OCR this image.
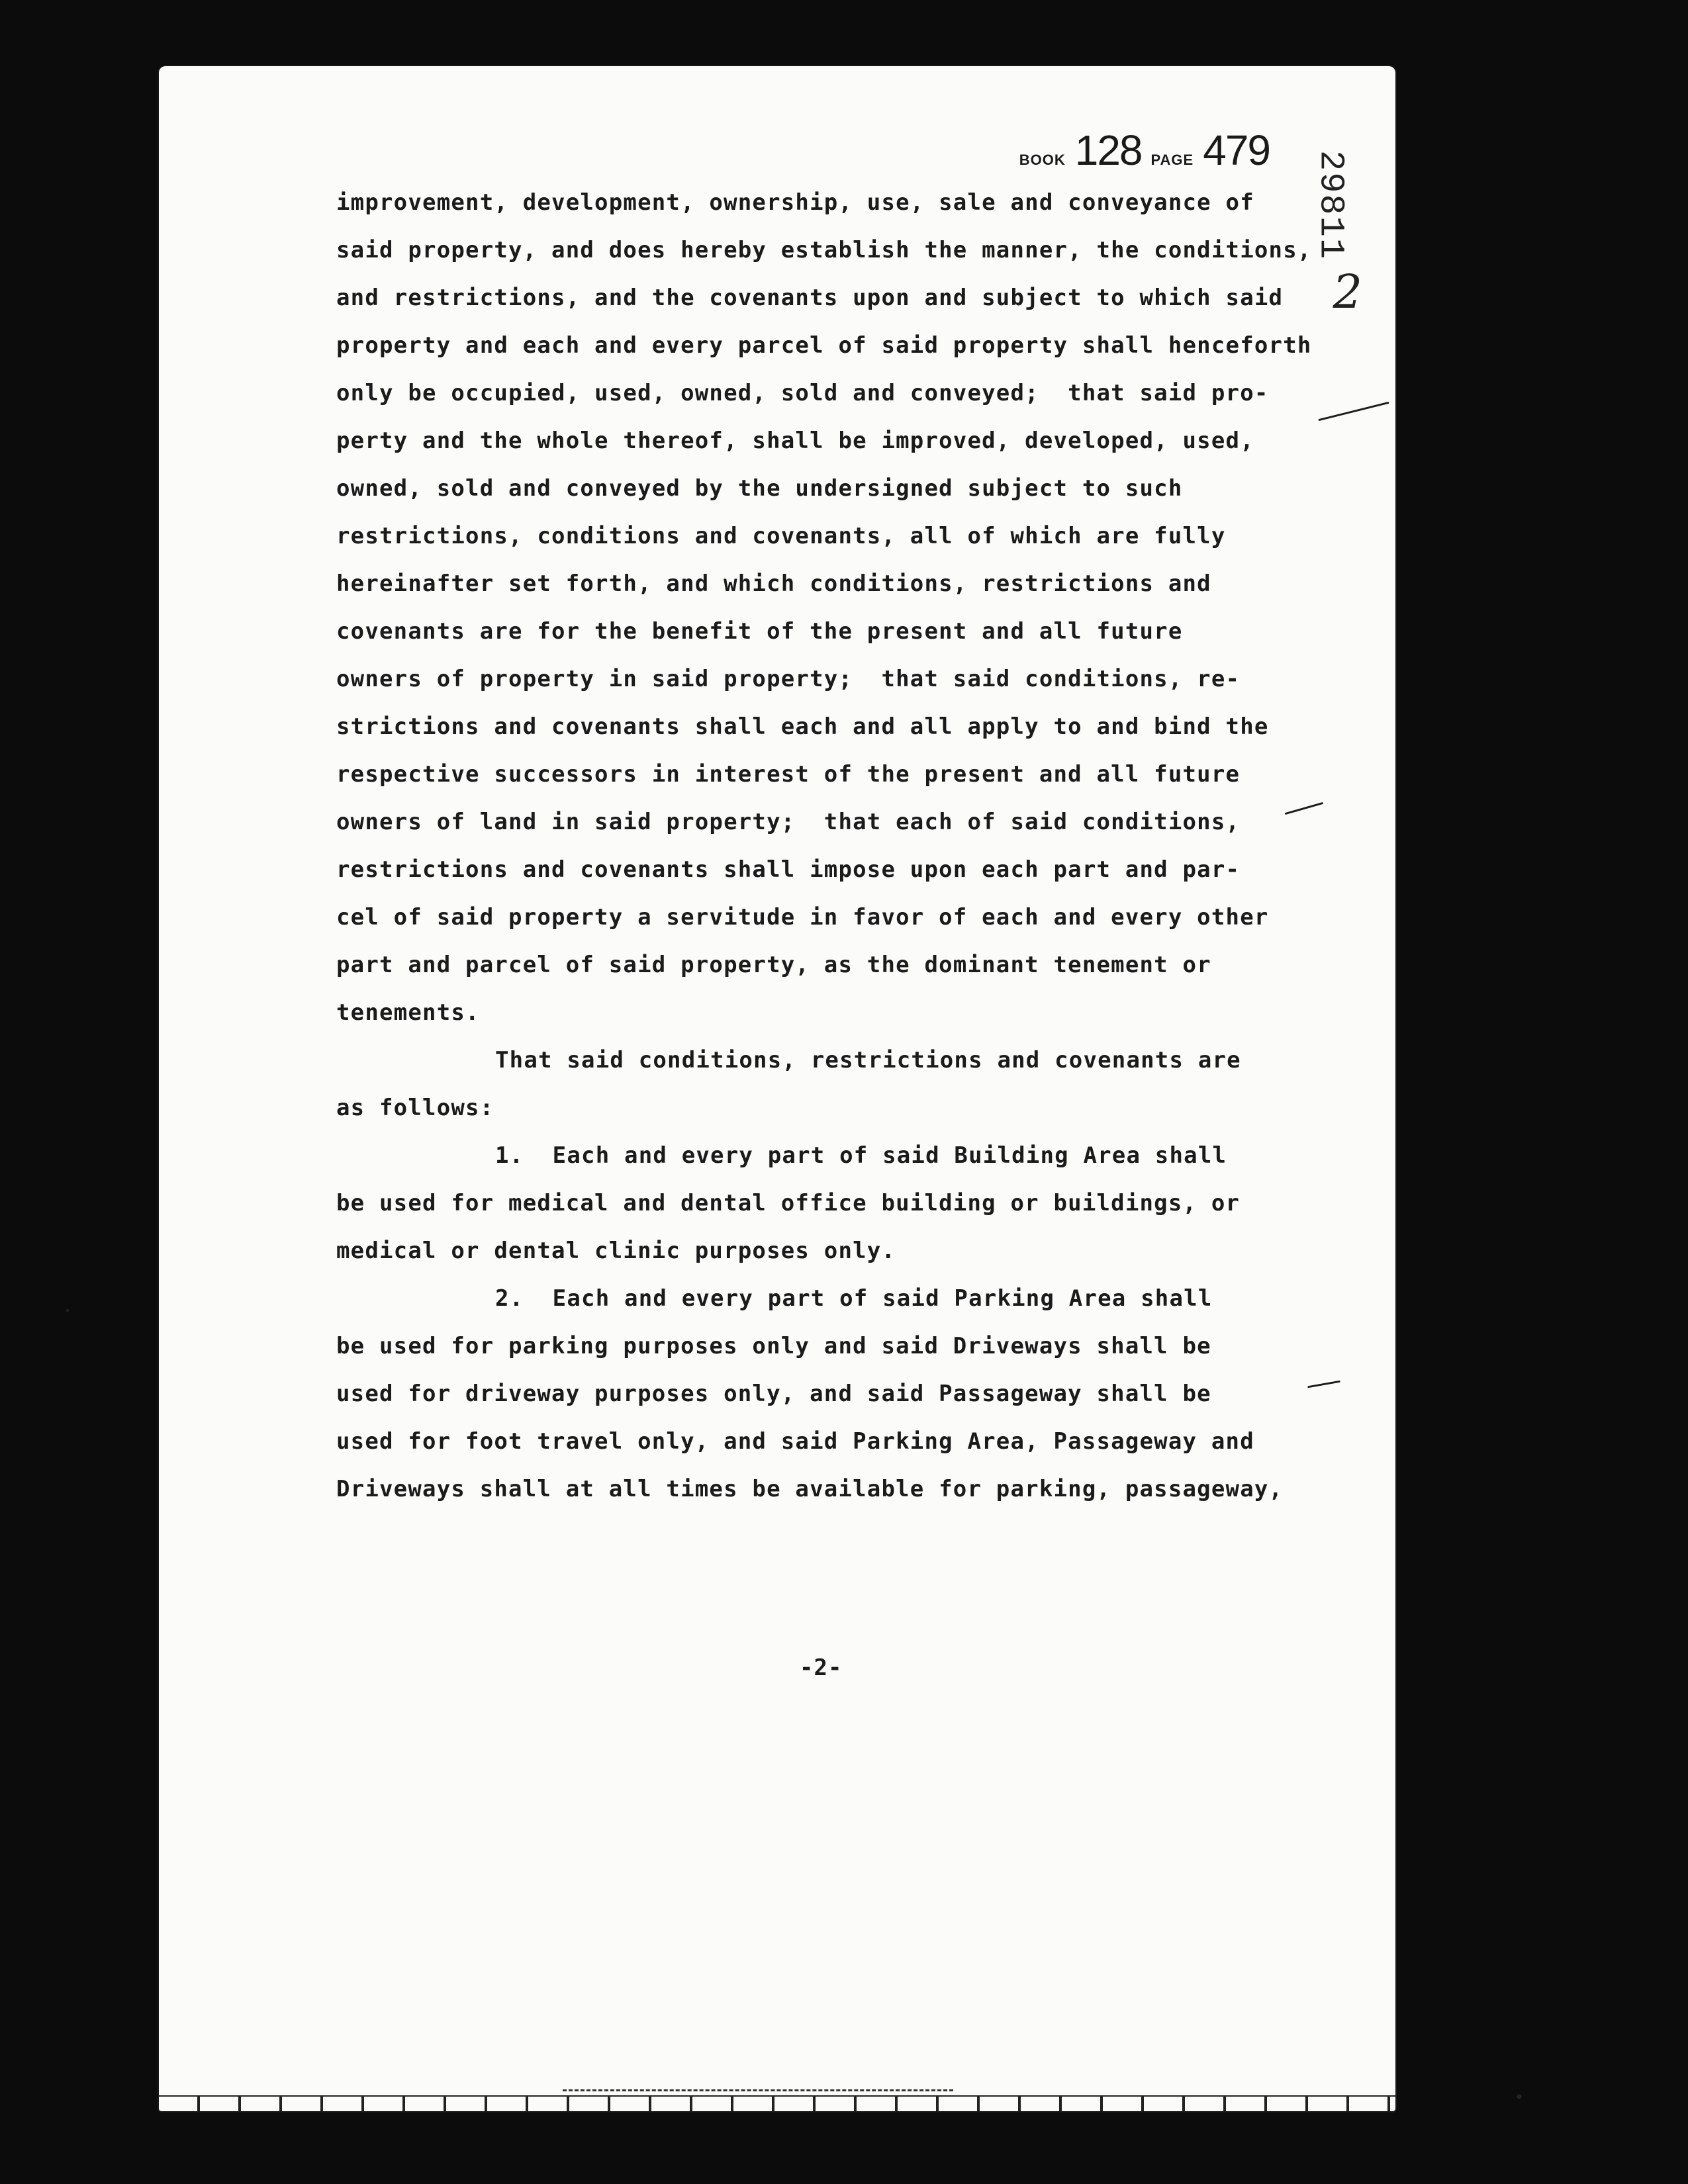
BOOK 128 PAGE 479 29811
2
improvement, development, ownership, use, sale and conveyance of
said property, and does hereby establish the manner, the conditions,
and restrictions, and the covenants upon and subject to which said
property and each and every parcel of said property shall henceforth
only be occupied, used, owned, sold and conveyed;  that said pro-
perty and the whole thereof, shall be improved, developed, used,
owned, sold and conveyed by the undersigned subject to such
restrictions, conditions and covenants, all of which are fully
hereinafter set forth, and which conditions, restrictions and
covenants are for the benefit of the present and all future
owners of property in said property;  that said conditions, re-
strictions and covenants shall each and all apply to and bind the
respective successors in interest of the present and all future
owners of land in said property;  that each of said conditions,
restrictions and covenants shall impose upon each part and par-
cel of said property a servitude in favor of each and every other
part and parcel of said property, as the dominant tenement or
tenements.
That said conditions, restrictions and covenants are
as follows:
1.  Each and every part of said Building Area shall
be used for medical and dental office building or buildings, or
medical or dental clinic purposes only.
2.  Each and every part of said Parking Area shall
be used for parking purposes only and said Driveways shall be
used for driveway purposes only, and said Passageway shall be
used for foot travel only, and said Parking Area, Passageway and
Driveways shall at all times be available for parking, passageway,
-2-
